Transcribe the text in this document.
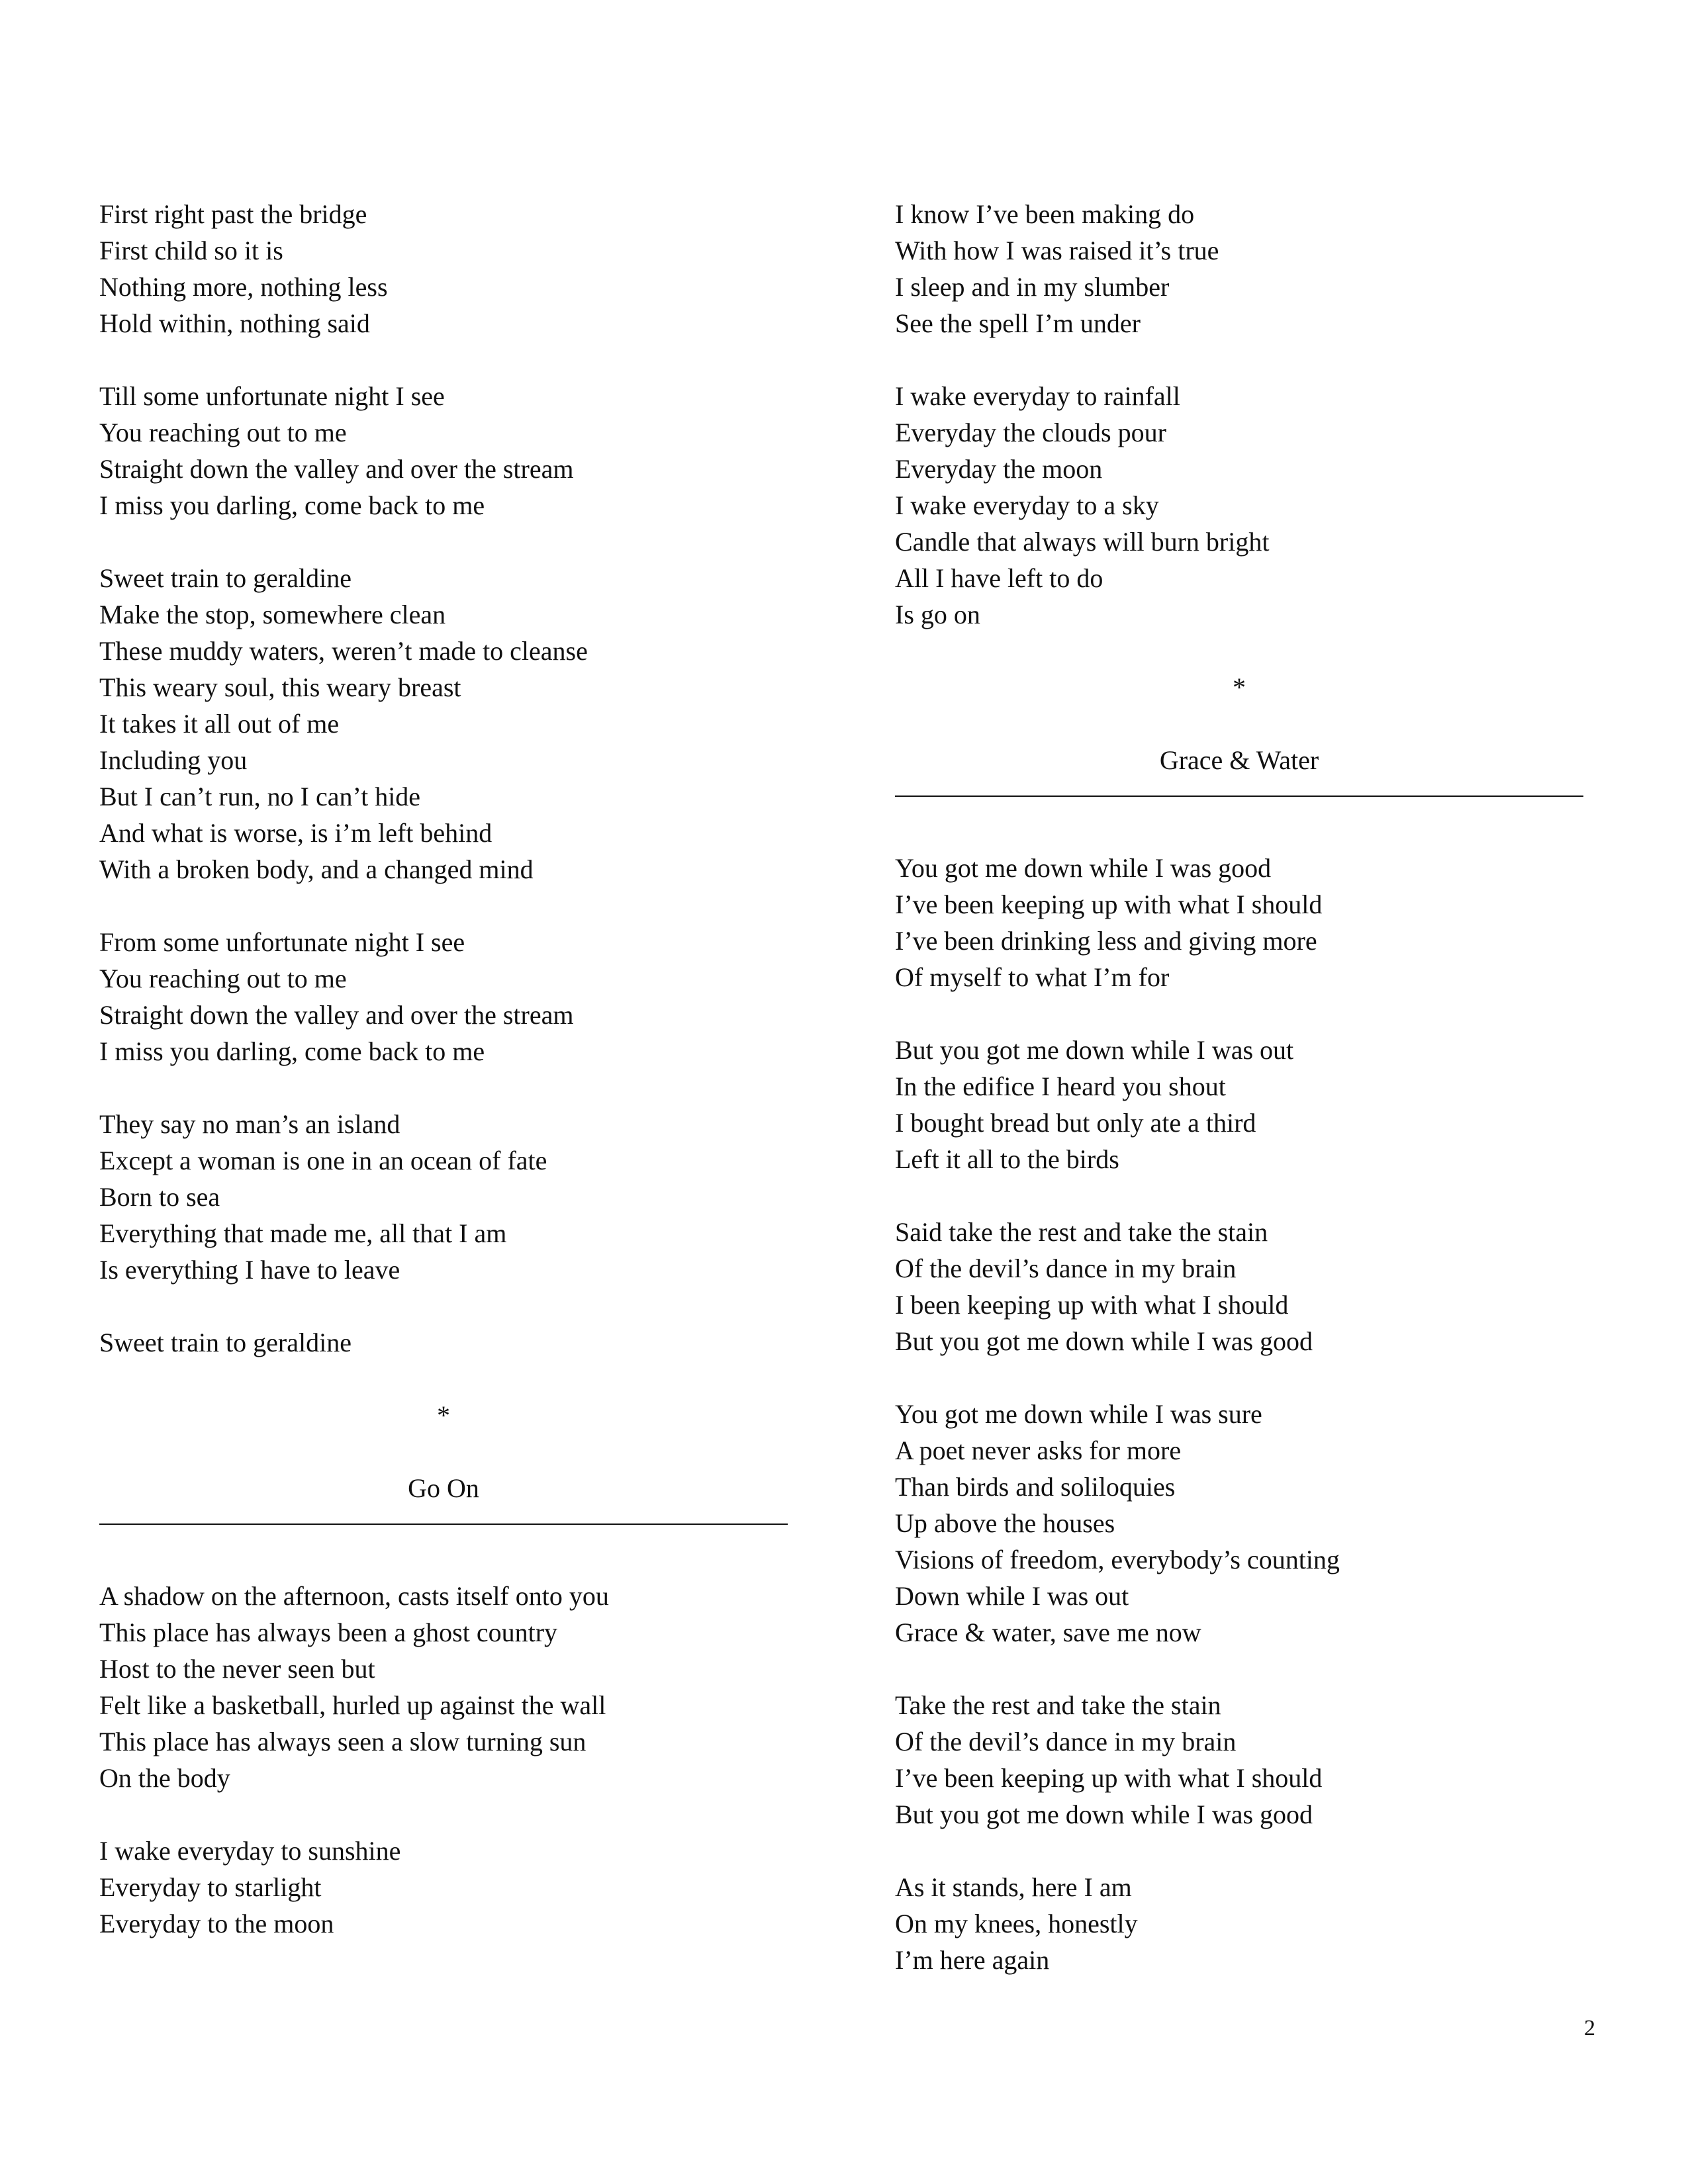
First right past the bridge
First child so it is
Nothing more, nothing less
Hold within, nothing said
Till some unfortunate night I see
You reaching out to me
Straight down the valley and over the stream
I miss you darling, come back to me
Sweet train to geraldine
Make the stop, somewhere clean
These muddy waters, weren’t made to cleanse
This weary soul, this weary breast
It takes it all out of me
Including you
But I can’t run, no I can’t hide
And what is worse, is i’m left behind
With a broken body, and a changed mind
From some unfortunate night I see
You reaching out to me
Straight down the valley and over the stream
I miss you darling, come back to me
They say no man’s an island
Except a woman is one in an ocean of fate
Born to sea
Everything that made me, all that I am
Is everything I have to leave
Sweet train to geraldine
*
Go On
A shadow on the afternoon, casts itself onto you
This place has always been a ghost country
Host to the never seen but
Felt like a basketball, hurled up against the wall
This place has always seen a slow turning sun
On the body
I wake everyday to sunshine
Everyday to starlight
Everyday to the moon
I know I’ve been making do
With how I was raised it’s true
I sleep and in my slumber
See the spell I’m under
I wake everyday to rainfall
Everyday the clouds pour
Everyday the moon
I wake everyday to a sky
Candle that always will burn bright
All I have left to do
Is go on
*
Grace & Water
You got me down while I was good
I’ve been keeping up with what I should
I’ve been drinking less and giving more
Of myself to what I’m for
But you got me down while I was out
In the edifice I heard you shout
I bought bread but only ate a third
Left it all to the birds
Said take the rest and take the stain
Of the devil’s dance in my brain
I been keeping up with what I should
But you got me down while I was good
You got me down while I was sure
A poet never asks for more
Than birds and soliloquies
Up above the houses
Visions of freedom, everybody’s counting
Down while I was out
Grace & water, save me now
Take the rest and take the stain
Of the devil’s dance in my brain
I’ve been keeping up with what I should
But you got me down while I was good
As it stands, here I am
On my knees, honestly
I’m here again
2
